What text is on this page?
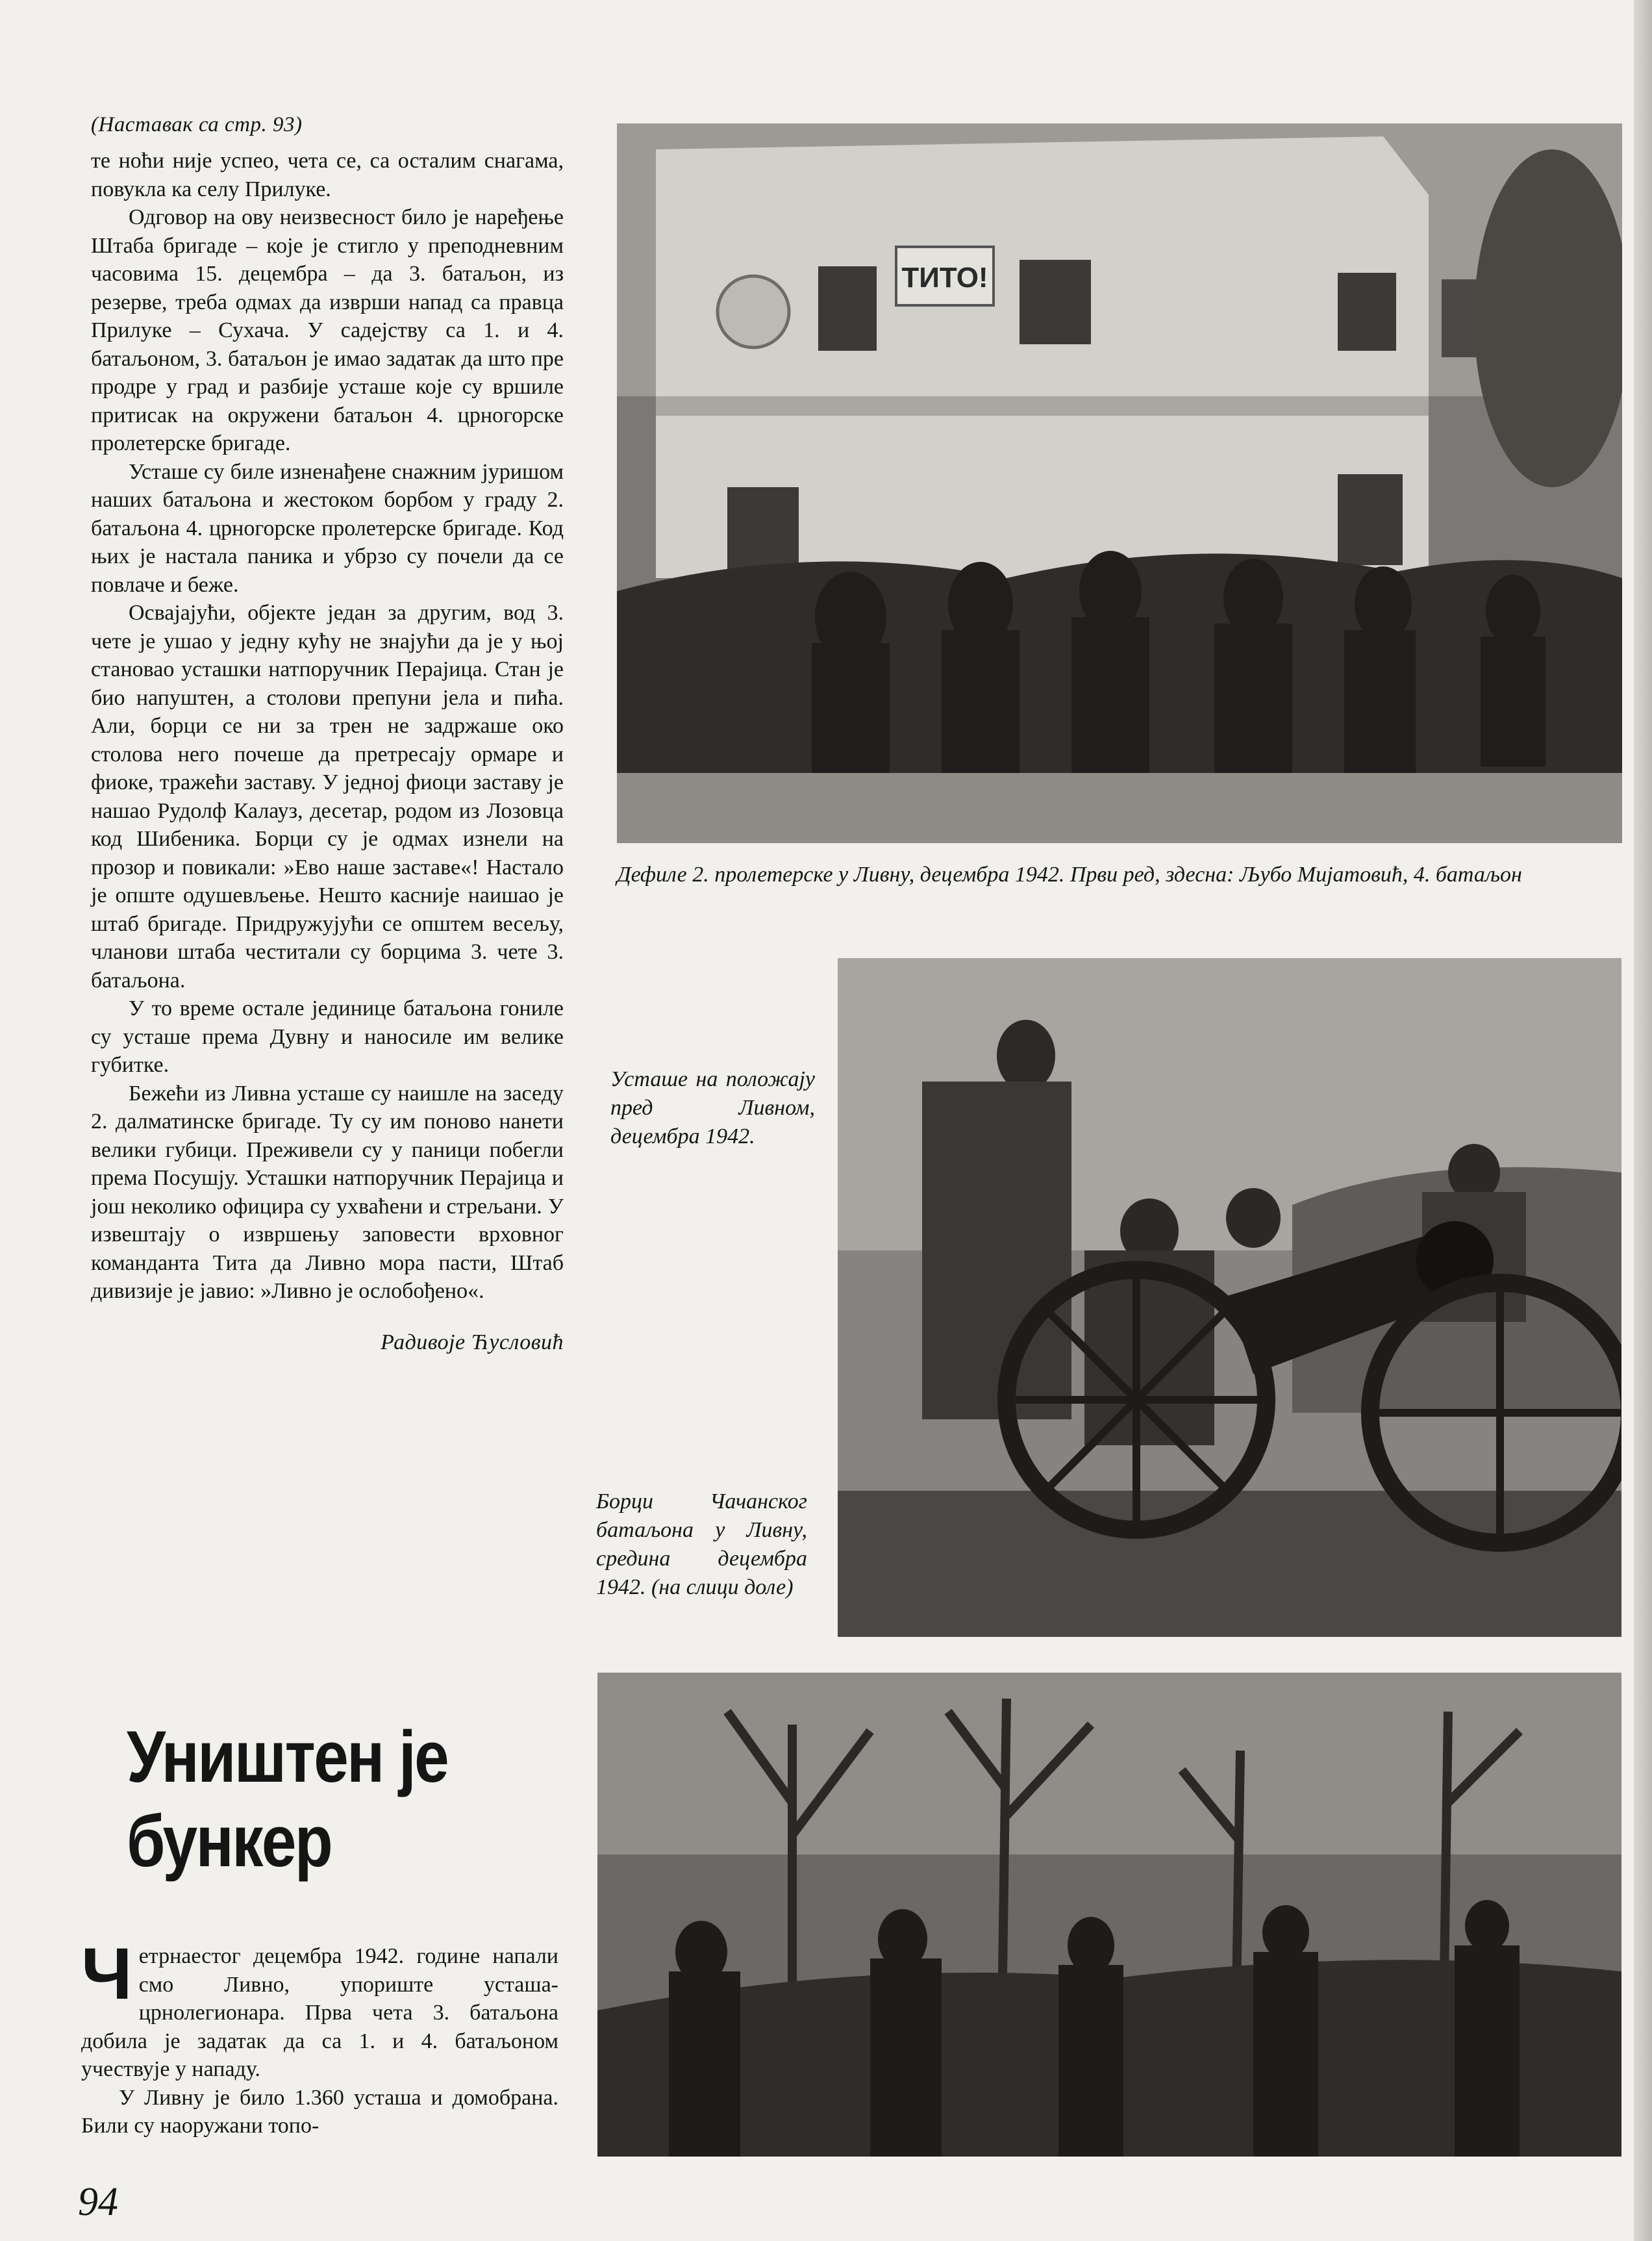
(Наставак са стр. 93)

те ноћи није успео, чета се, са осталим снагама, повукла ка селу Прилуке.

Одговор на ову неизвесност било је наређење Штаба бригаде – које је стигло у преподневним часовима 15. децембра – да 3. батаљон, из резерве, треба одмах да изврши напад са правца Прилуке – Сухача. У садејству са 1. и 4. батаљоном, 3. батаљон је имао задатак да што пре продре у град и разбије усташе које су вршиле притисак на окружени батаљон 4. црногорске пролетерске бригаде.

Усташе су биле изненађене снажним јуришом наших батаљона и жестоком борбом у граду 2. батаљона 4. црногорске пролетерске бригаде. Код њих је настала паника и убрзо су почели да се повлаче и беже.

Освајајући, објекте један за другим, вод 3. чете је ушао у једну кућу не знајући да је у њој становао усташки натпоручник Перајица. Стан је био напуштен, а столови препуни јела и пића. Али, борци се ни за трен не задржаше око столова него почеше да претресају ормаре и фиоке, тражећи заставу. У једној фиоци заставу је нашао Рудолф Калауз, десетар, родом из Лозовца код Шибеника. Борци су је одмах изнели на прозор и повикали: »Ево наше заставе«! Настало је опште одушевљење. Нешто касније наишао је штаб бригаде. Придружујући се општем весељу, чланови штаба честитали су борцима 3. чете 3. батаљона.

У то време остале јединице батаљона гониле су усташе према Дувну и наносиле им велике губитке.

Бежећи из Ливна усташе су наишле на заседу 2. далматинске бригаде. Ту су им поново нанети велики губици. Преживели су у паници побегли према Посушју. Усташки натпоручник Перајица и још неколико официра су ухваћени и стрељани. У извештају о извршењу заповести врховног команданта Тита да Ливно мора пасти, Штаб дивизије је јавио: »Ливно је ослобођено«.

Радивоје Ћусловић
ТИТО!
Дефиле 2. пролетерске у Ливну, децембра 1942. Први ред, здесна: Љубо Мијатовић, 4. батаљон
Усташе на положају пред Ливном, децембра 1942.
Борци Чачанског батаљона у Ливну, средина децембра 1942. (на слици доле)
Уништен је
бункер

Четрнаестог децембра 1942. године напали смо Ливно, упориште усташа-црнолегионара. Прва чета 3. батаљона добила је задатак да са 1. и 4. батаљоном учествује у нападу.

У Ливну је било 1.360 усташа и домобрана. Били су наоружани топо-

94
